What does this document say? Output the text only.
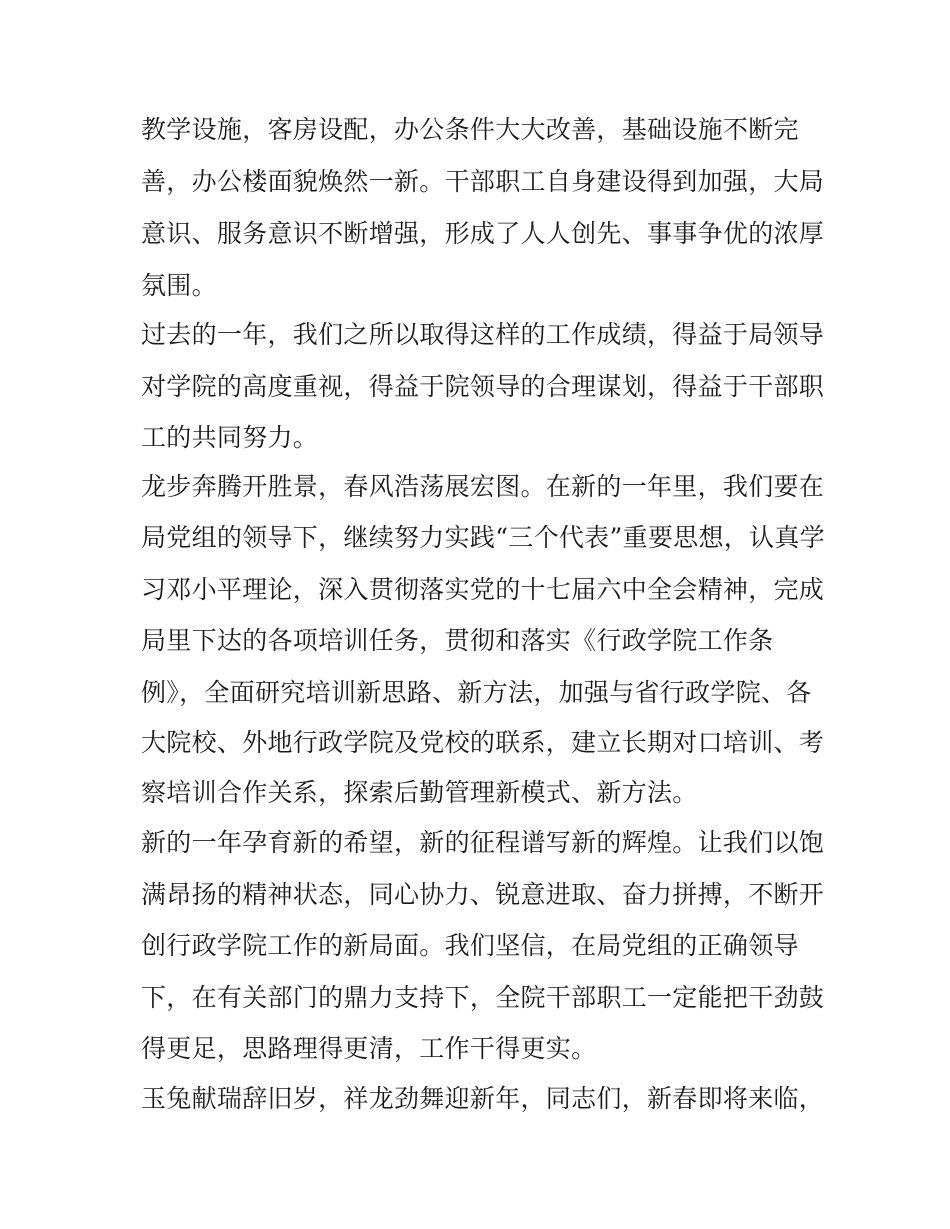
教学设施，客房设配，办公条件大大改善，基础设施不断完

善，办公楼面貌焕然一新。干部职工自身建设得到加强，大局

意识、服务意识不断增强，形成了人人创先、事事争优的浓厚

氛围。

过去的一年，我们之所以取得这样的工作成绩，得益于局领导

对学院的高度重视，得益于院领导的合理谋划，得益于干部职

工的共同努力。

龙步奔腾开胜景，春风浩荡展宏图。在新的一年里，我们要在

局党组的领导下，继续努力实践“三个代表”重要思想，认真学

习邓小平理论，深入贯彻落实党的十七届六中全会精神，完成

局里下达的各项培训任务，贯彻和落实《行政学院工作条

例》，全面研究培训新思路、新方法，加强与省行政学院、各

大院校、外地行政学院及党校的联系，建立长期对口培训、考

察培训合作关系，探索后勤管理新模式、新方法。

新的一年孕育新的希望，新的征程谱写新的辉煌。让我们以饱

满昂扬的精神状态，同心协力、锐意进取、奋力拼搏，不断开

创行政学院工作的新局面。我们坚信，在局党组的正确领导

下，在有关部门的鼎力支持下，全院干部职工一定能把干劲鼓

得更足，思路理得更清，工作干得更实。

玉兔献瑞辞旧岁，祥龙劲舞迎新年，同志们，新春即将来临，
